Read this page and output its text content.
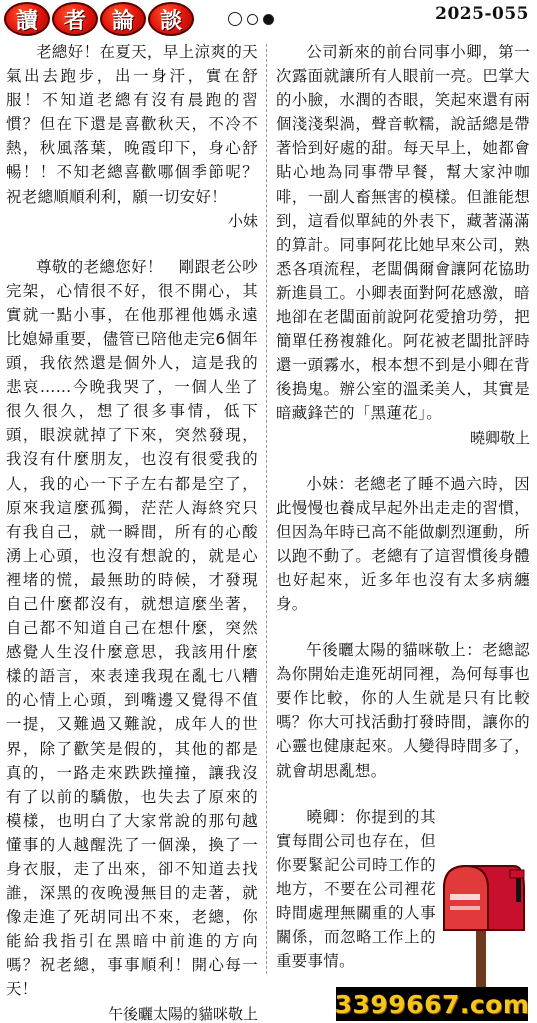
讀	者	論	談	2025-055
老總好！在夏天，早上涼爽的天氣出去跑步，出一身汗，實在舒服！不知道老總有沒有晨跑的習慣？但在下還是喜歡秋天，不冷不熱，秋風落葉，晚霞印下，身心舒暢！！不知老總喜歡哪個季節呢？祝老總順順利利，願一切安好！
小妹
尊敬的老總您好！　剛跟老公吵完架，心情很不好，很不開心，其實就一點小事，在他那裡他媽永遠比媳婦重要，儘管已陪他走完6個年頭，我依然還是個外人，這是我的悲哀……今晚我哭了，一個人坐了很久很久，想了很多事情，低下頭，眼淚就掉了下來，突然發現，我沒有什麼朋友，也沒有很愛我的人，我的心一下子左右都是空了，原來我這麼孤獨，茫茫人海終究只有我自己，就一瞬間，所有的心酸湧上心頭，也沒有想說的，就是心裡堵的慌，最無助的時候，才發現自己什麼都沒有，就想這麼坐著，自己都不知道自己在想什麼，突然感覺人生沒什麼意思，我該用什麼樣的語言，來表達我現在亂七八糟的心情上心頭，到嘴邊又覺得不值一提，又難過又難說，成年人的世界，除了歡笑是假的，其他的都是真的，一路走來跌跌撞撞，讓我沒有了以前的驕傲，也失去了原來的模樣，也明白了大家常說的那句越懂事的人越醒洗了一個澡，換了一身衣服，走了出來，卻不知道去找誰，深黑的夜晚漫無目的走著，就像走進了死胡同出不來，老總，你能給我指引在黑暗中前進的方向嗎？祝老總，事事順利！開心每一天！
午後曬太陽的貓咪敬上
公司新來的前台同事小卿，第一次露面就讓所有人眼前一亮。巴掌大的小臉，水潤的杏眼，笑起來還有兩個淺淺梨渦，聲音軟糯，說話總是帶著恰到好處的甜。每天早上，她都會貼心地為同事帶早餐，幫大家沖咖啡，一副人畜無害的模樣。但誰能想到，這看似單純的外表下，藏著滿滿的算計。同事阿花比她早來公司，熟悉各項流程，老闆偶爾會讓阿花協助新進員工。小卿表面對阿花感激，暗地卻在老闆面前說阿花愛搶功勞，把簡單任務複雜化。阿花被老闆批評時還一頭霧水，根本想不到是小卿在背後搗鬼。辦公室的溫柔美人，其實是暗藏鋒芒的「黑蓮花」。
曉卿敬上
小妹：老總老了睡不過六時，因此慢慢也養成早起外出走走的習慣，但因為年時已高不能做劇烈運動，所以跑不動了。老總有了這習慣後身體也好起來，近多年也沒有太多病纏身。
午後曬太陽的貓咪敬上：老總認為你開始走進死胡同裡，為何每事也要作比較，你的人生就是只有比較嗎？你大可找活動打發時間，讓你的心靈也健康起來。人變得時間多了，就會胡思亂想。
曉卿：你提到的其實每間公司也存在，但你要緊記公司時工作的地方，不要在公司裡花時間處理無關重的人事關係，而忽略工作上的重要事情。
3399667.com
